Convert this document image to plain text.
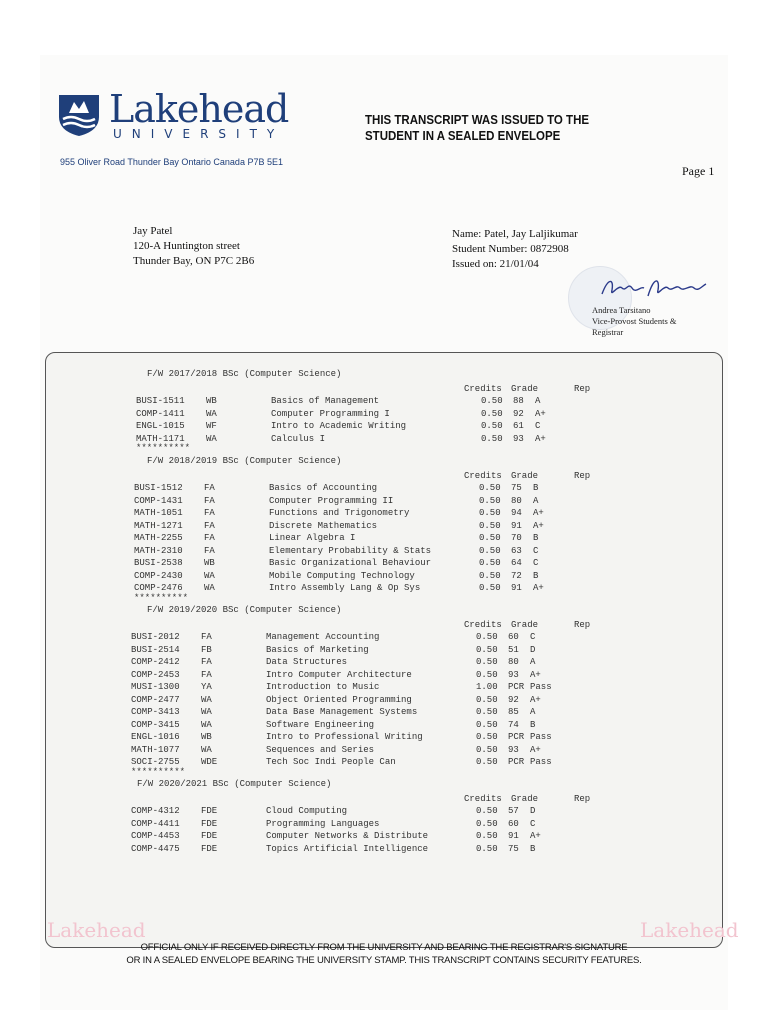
Lakehead
UNIVERSITY
955 Oliver Road Thunder Bay Ontario Canada P7B 5E1
THIS TRANSCRIPT WAS ISSUED TO THE
STUDENT IN A SEALED ENVELOPE
Page 1
Jay Patel
120-A Huntington street
Thunder Bay, ON P7C 2B6
Name: Patel, Jay Laljikumar
Student Number: 0872908
Issued on: 21/01/04
Andrea Tarsitano
Vice-Provost Students &
Registrar
F/W 2017/2018 BSc (Computer Science)
Credits Grade	Rep
BUSI-1511 WB	Basics of Management	0.50 88 A
COMP-1411 WA	Computer Programming I	0.50 92 A+
ENGL-1015 WF	Intro to Academic Writing	0.50 61 C
MATH-1171 WA	Calculus I	0.50 93 A+
**********
F/W 2018/2019 BSc (Computer Science)
Credits Grade	Rep
BUSI-1512 FA	Basics of Accounting	0.50 75 B
COMP-1431 FA	Computer Programming II	0.50 80 A
MATH-1051 FA	Functions and Trigonometry	0.50 94 A+
MATH-1271 FA	Discrete Mathematics	0.50 91 A+
MATH-2255 FA	Linear Algebra I	0.50 70 B
MATH-2310 FA	Elementary Probability & Stats	0.50 63 C
BUSI-2538 WB	Basic Organizational Behaviour	0.50 64 C
COMP-2430 WA	Mobile Computing Technology	0.50 72 B
COMP-2476 WA	Intro Assembly Lang & Op Sys	0.50 91 A+
**********
F/W 2019/2020 BSc (Computer Science)
Credits Grade	Rep
BUSI-2012 FA	Management Accounting	0.50 60 C
BUSI-2514 FB	Basics of Marketing	0.50 51 D
COMP-2412 FA	Data Structures	0.50 80 A
COMP-2453 FA	Intro Computer Architecture	0.50 93 A+
MUSI-1300 YA	Introduction to Music	1.00 PCR Pass
COMP-2477 WA	Object Oriented Programming	0.50 92 A+
COMP-3413 WA	Data Base Management Systems	0.50 85 A
COMP-3415 WA	Software Engineering	0.50 74 B
ENGL-1016 WB	Intro to Professional Writing	0.50 PCR Pass
MATH-1077 WA	Sequences and Series	0.50 93 A+
SOCI-2755 WDE	Tech Soc Indi People Can	0.50 PCR Pass
**********
F/W 2020/2021 BSc (Computer Science)
Credits Grade	Rep
COMP-4312 FDE	Cloud Computing	0.50 57 D
COMP-4411 FDE	Programming Languages	0.50 60 C
COMP-4453 FDE	Computer Networks & Distribute	0.50 91 A+
COMP-4475 FDE	Topics Artificial Intelligence	0.50 75 B
Lakehead	Lakehead
OFFICIAL ONLY IF RECEIVED DIRECTLY FROM THE UNIVERSITY AND BEARING THE REGISTRAR'S SIGNATURE
OR IN A SEALED ENVELOPE BEARING THE UNIVERSITY STAMP. THIS TRANSCRIPT CONTAINS SECURITY FEATURES.
